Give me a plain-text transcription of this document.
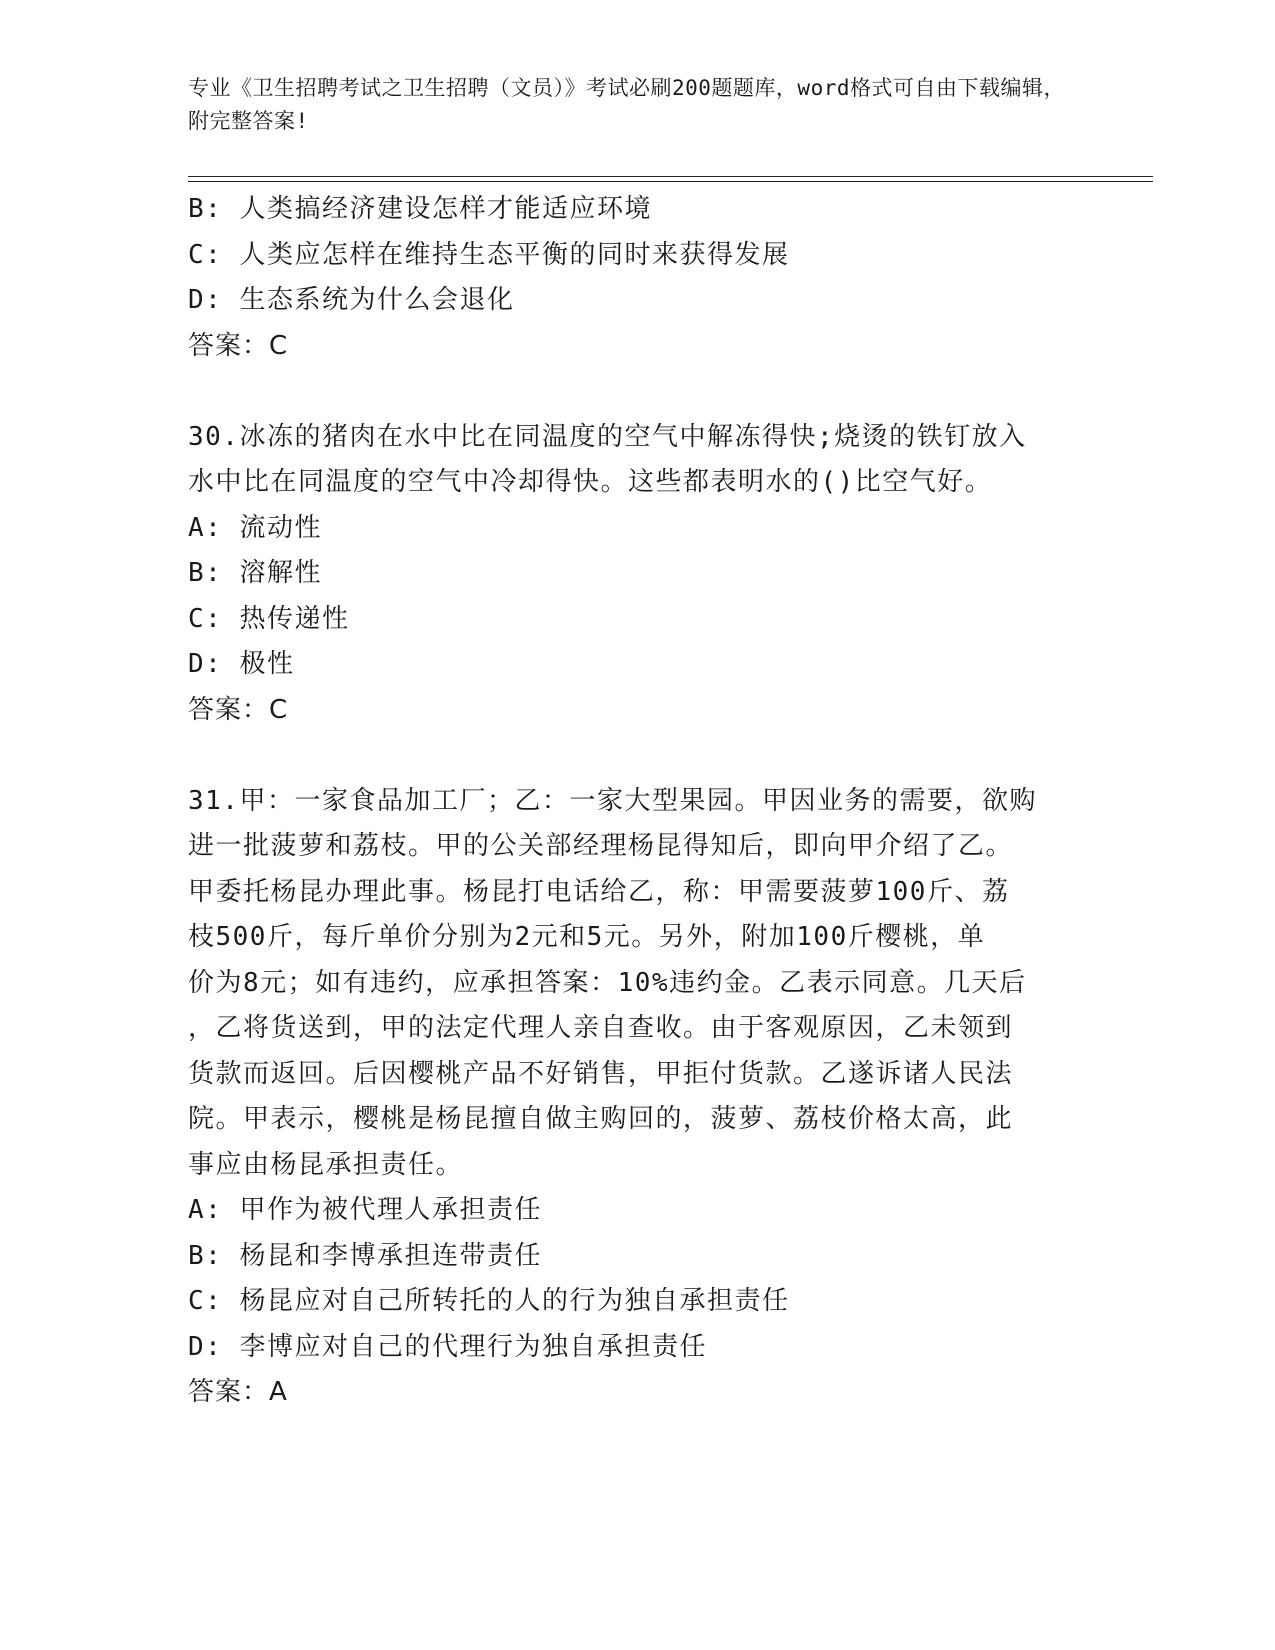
专业《卫生招聘考试之卫生招聘（文员）》考试必刷200题题库，word格式可自由下载编辑，附完整答案!
B: 人类搞经济建设怎样才能适应环境
C: 人类应怎样在维持生态平衡的同时来获得发展
D: 生态系统为什么会退化
答案：C
30.冰冻的猪肉在水中比在同温度的空气中解冻得快;烧烫的铁钉放入
水中比在同温度的空气中冷却得快。这些都表明水的()比空气好。
A: 流动性
B: 溶解性
C: 热传递性
D: 极性
答案：C
31.甲：一家食品加工厂；乙：一家大型果园。甲因业务的需要，欲购
进一批菠萝和荔枝。甲的公关部经理杨昆得知后，即向甲介绍了乙。
甲委托杨昆办理此事。杨昆打电话给乙，称：甲需要菠萝100斤、荔
枝500斤，每斤单价分别为2元和5元。另外，附加100斤樱桃，单
价为8元；如有违约，应承担答案：10%违约金。乙表示同意。几天后
，乙将货送到，甲的法定代理人亲自查收。由于客观原因，乙未领到
货款而返回。后因樱桃产品不好销售，甲拒付货款。乙遂诉诸人民法
院。甲表示，樱桃是杨昆擅自做主购回的，菠萝、荔枝价格太高，此
事应由杨昆承担责任。
A: 甲作为被代理人承担责任
B: 杨昆和李博承担连带责任
C: 杨昆应对自己所转托的人的行为独自承担责任
D: 李博应对自己的代理行为独自承担责任
答案：A
